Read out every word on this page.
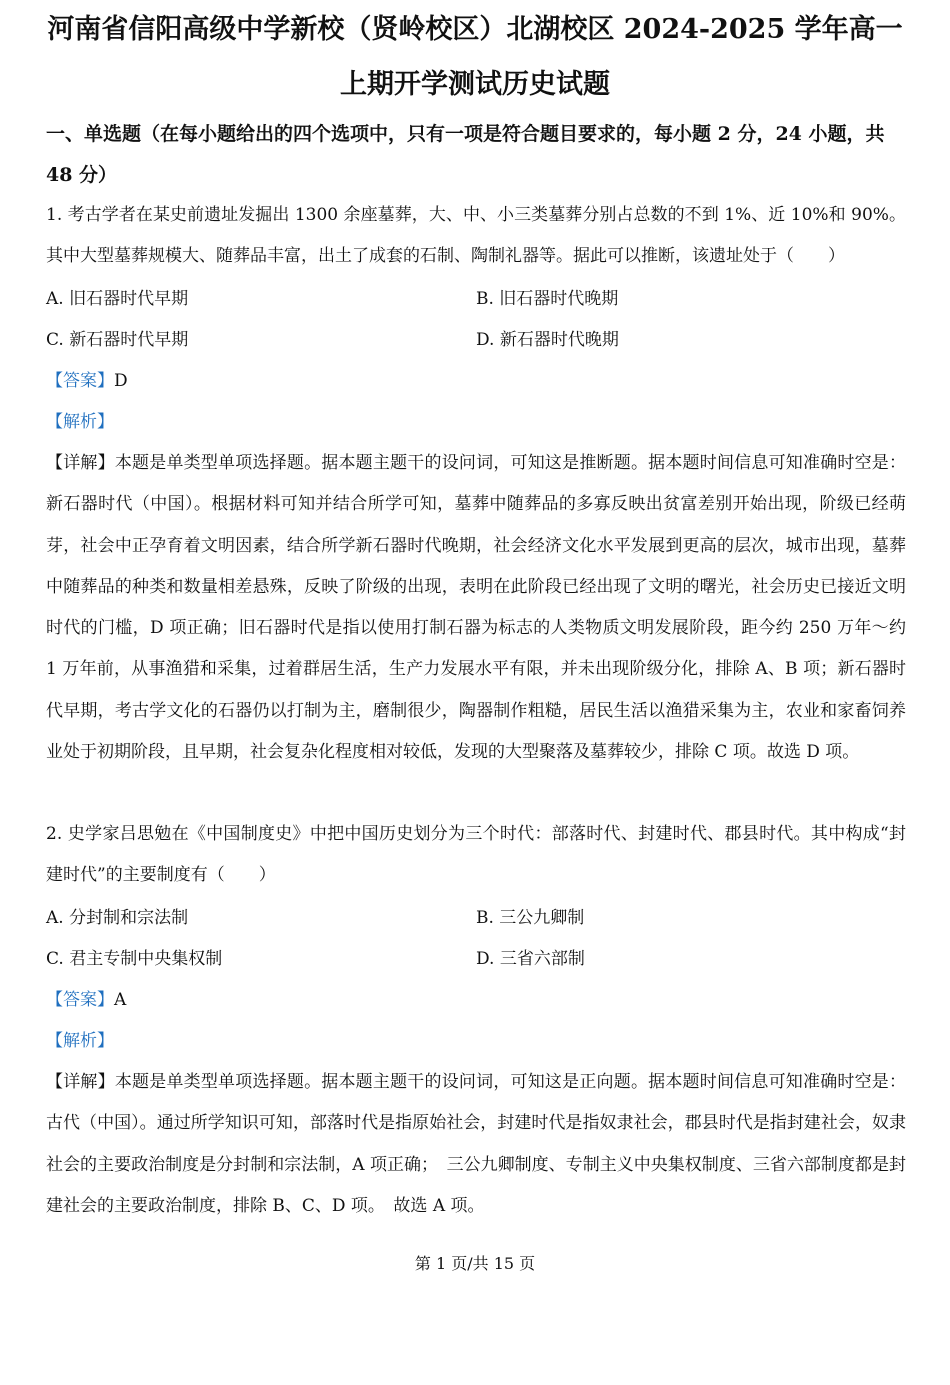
河南省信阳高级中学新校（贤岭校区）北湖校区 2024-2025 学年高一
上期开学测试历史试题
一、单选题（在每小题给出的四个选项中，只有一项是符合题目要求的，每小题 2 分，24 小题，共 48 分）
1. 考古学者在某史前遗址发掘出 1300 余座墓葬，大、中、小三类墓葬分别占总数的不到 1%、近 10%和 90%。其中大型墓葬规模大、随葬品丰富，出土了成套的石制、陶制礼器等。据此可以推断，该遗址处于（　　）
A. 旧石器时代早期	B. 旧石器时代晚期
C. 新石器时代早期	D. 新石器时代晚期
【答案】D
【解析】
【详解】本题是单类型单项选择题。据本题主题干的设问词，可知这是推断题。据本题时间信息可知准确时空是：新石器时代（中国）。根据材料可知并结合所学可知，墓葬中随葬品的多寡反映出贫富差别开始出现，阶级已经萌芽，社会中正孕育着文明因素，结合所学新石器时代晚期，社会经济文化水平发展到更高的层次，城市出现，墓葬中随葬品的种类和数量相差悬殊，反映了阶级的出现，表明在此阶段已经出现了文明的曙光，社会历史已接近文明时代的门槛，D 项正确；旧石器时代是指以使用打制石器为标志的人类物质文明发展阶段，距今约 250 万年～约 1 万年前，从事渔猎和采集，过着群居生活，生产力发展水平有限，并未出现阶级分化，排除 A、B 项；新石器时代早期，考古学文化的石器仍以打制为主，磨制很少，陶器制作粗糙，居民生活以渔猎采集为主，农业和家畜饲养业处于初期阶段，且早期，社会复杂化程度相对较低，发现的大型聚落及墓葬较少，排除 C 项。故选 D 项。
2. 史学家吕思勉在《中国制度史》中把中国历史划分为三个时代：部落时代、封建时代、郡县时代。其中构成“封建时代”的主要制度有（　　）
A. 分封制和宗法制	B. 三公九卿制
C. 君主专制中央集权制	D. 三省六部制
【答案】A
【解析】
【详解】本题是单类型单项选择题。据本题主题干的设问词，可知这是正向题。据本题时间信息可知准确时空是：古代（中国）。通过所学知识可知，部落时代是指原始社会，封建时代是指奴隶社会，郡县时代是指封建社会，奴隶社会的主要政治制度是分封制和宗法制，A 项正确；　三公九卿制度、专制主义中央集权制度、三省六部制度都是封建社会的主要政治制度，排除 B、C、D 项。　故选 A 项。
第 1 页/共 15 页
